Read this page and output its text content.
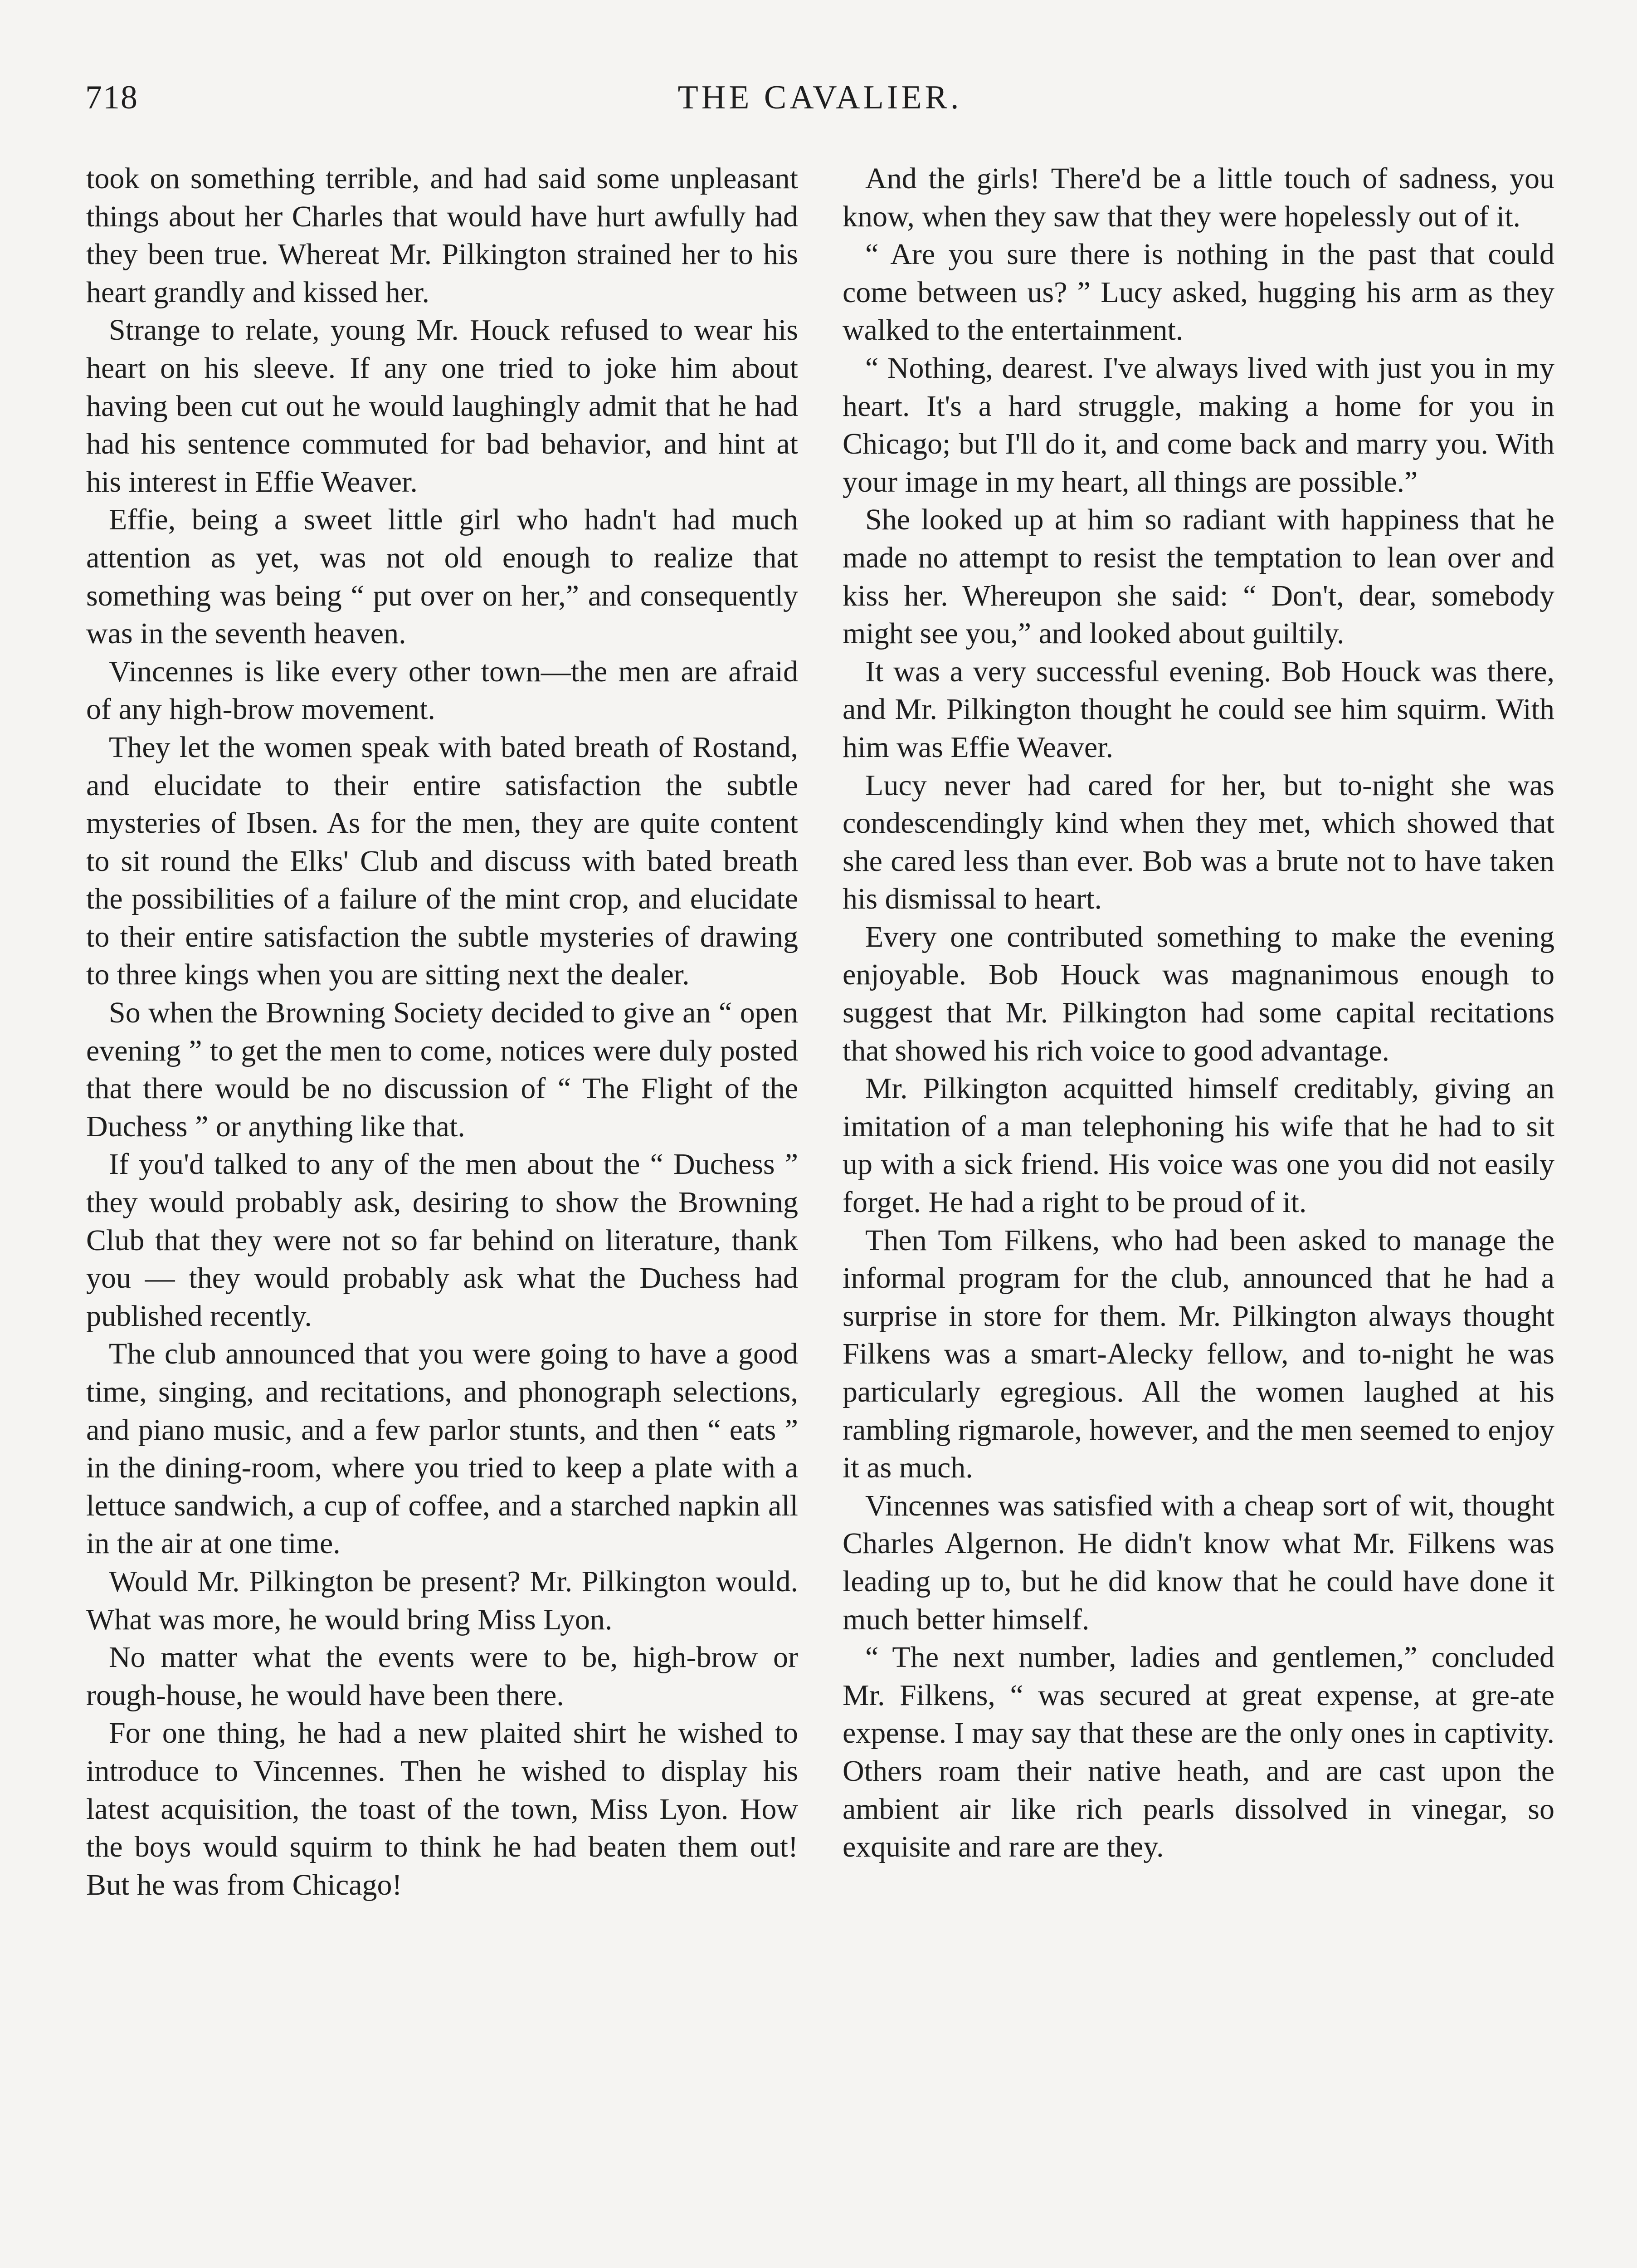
718	THE CAVALIER.

took on something terrible, and had said some unpleasant things about her Charles that would have hurt awfully had they been true. Whereat Mr. Pilkington strained her to his heart grandly and kissed her.

Strange to relate, young Mr. Houck refused to wear his heart on his sleeve. If any one tried to joke him about having been cut out he would laughingly admit that he had had his sentence commuted for bad behavior, and hint at his interest in Effie Weaver.

Effie, being a sweet little girl who hadn't had much attention as yet, was not old enough to realize that something was being “ put over on her,” and consequently was in the seventh heaven.

Vincennes is like every other town—the men are afraid of any high-brow movement.

They let the women speak with bated breath of Rostand, and elucidate to their entire satisfaction the subtle mysteries of Ibsen. As for the men, they are quite content to sit round the Elks' Club and discuss with bated breath the possibilities of a failure of the mint crop, and elucidate to their entire satisfaction the subtle mysteries of drawing to three kings when you are sitting next the dealer.

So when the Browning Society decided to give an “ open evening ” to get the men to come, notices were duly posted that there would be no discussion of “ The Flight of the Duchess ” or anything like that.

If you'd talked to any of the men about the “ Duchess ” they would probably ask, desiring to show the Browning Club that they were not so far behind on literature, thank you — they would probably ask what the Duchess had published recently.

The club announced that you were going to have a good time, singing, and recitations, and phonograph selections, and piano music, and a few parlor stunts, and then “ eats ” in the dining-room, where you tried to keep a plate with a lettuce sandwich, a cup of coffee, and a starched napkin all in the air at one time.

Would Mr. Pilkington be present? Mr. Pilkington would. What was more, he would bring Miss Lyon.

No matter what the events were to be, high-brow or rough-house, he would have been there.

For one thing, he had a new plaited shirt he wished to introduce to Vincennes. Then he wished to display his latest acquisition, the toast of the town, Miss Lyon. How the boys would squirm to think he had beaten them out! But he was from Chicago!

And the girls! There'd be a little touch of sadness, you know, when they saw that they were hopelessly out of it.

“ Are you sure there is nothing in the past that could come between us? ” Lucy asked, hugging his arm as they walked to the entertainment.

“ Nothing, dearest. I've always lived with just you in my heart. It's a hard struggle, making a home for you in Chicago; but I'll do it, and come back and marry you. With your image in my heart, all things are possible.”

She looked up at him so radiant with happiness that he made no attempt to resist the temptation to lean over and kiss her. Whereupon she said: “ Don't, dear, somebody might see you,” and looked about guiltily.

It was a very successful evening. Bob Houck was there, and Mr. Pilkington thought he could see him squirm. With him was Effie Weaver.

Lucy never had cared for her, but to-night she was condescendingly kind when they met, which showed that she cared less than ever. Bob was a brute not to have taken his dismissal to heart.

Every one contributed something to make the evening enjoyable. Bob Houck was magnanimous enough to suggest that Mr. Pilkington had some capital recitations that showed his rich voice to good advantage.

Mr. Pilkington acquitted himself creditably, giving an imitation of a man telephoning his wife that he had to sit up with a sick friend. His voice was one you did not easily forget. He had a right to be proud of it.

Then Tom Filkens, who had been asked to manage the informal program for the club, announced that he had a surprise in store for them. Mr. Pilkington always thought Filkens was a smart-Alecky fellow, and to-night he was particularly egregious. All the women laughed at his rambling rigmarole, however, and the men seemed to enjoy it as much.

Vincennes was satisfied with a cheap sort of wit, thought Charles Algernon. He didn't know what Mr. Filkens was leading up to, but he did know that he could have done it much better himself.

“ The next number, ladies and gentlemen,” concluded Mr. Filkens, “ was secured at great expense, at gre-ate expense. I may say that these are the only ones in captivity. Others roam their native heath, and are cast upon the ambient air like rich pearls dissolved in vinegar, so exquisite and rare are they.
